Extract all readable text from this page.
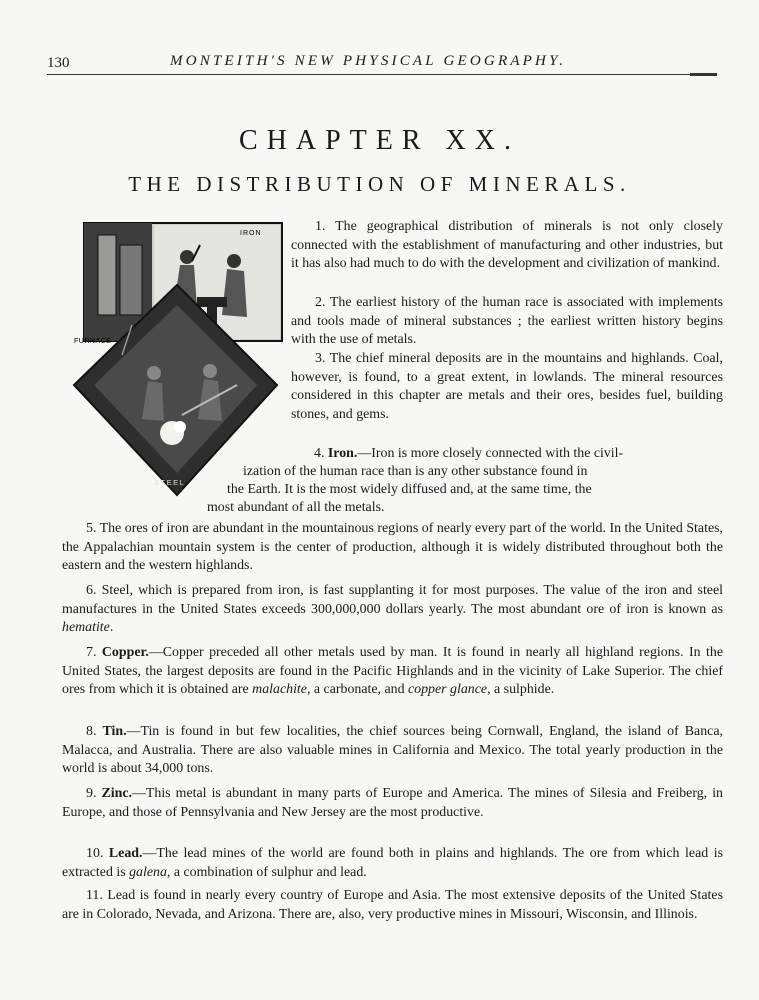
130	MONTEITH'S NEW PHYSICAL GEOGRAPHY.
CHAPTER XX.
THE DISTRIBUTION OF MINERALS.
IRON
FURNACE
STEEL

1. The geographical distribution of minerals is not only closely connected with the establishment of manufacturing and other industries, but it has also had much to do with the development and civilization of mankind.

2. The earliest history of the human race is associated with implements and tools made of mineral substances ; the earliest written history begins with the use of metals.

3. The chief mineral deposits are in the mountains and highlands. Coal, however, is found, to a great extent, in lowlands. The mineral resources considered in this chapter are metals and their ores, besides fuel, building stones, and gems.

4. Iron.—Iron is more closely connected with the civil-
ization of the human race than is any other substance found in
the Earth. It is the most widely diffused and, at the same time, the
most abundant of all the metals.

5. The ores of iron are abundant in the mountainous regions of nearly every part of the world. In the United States, the Appalachian mountain system is the center of production, although it is widely distributed throughout both the eastern and the western highlands.

6. Steel, which is prepared from iron, is fast supplanting it for most purposes. The value of the iron and steel manufactures in the United States exceeds 300,000,000 dollars yearly. The most abundant ore of iron is known as hematite.

7. Copper.—Copper preceded all other metals used by man. It is found in nearly all highland regions. In the United States, the largest deposits are found in the Pacific Highlands and in the vicinity of Lake Superior. The chief ores from which it is obtained are malachite, a carbonate, and copper glance, a sulphide.

8. Tin.—Tin is found in but few localities, the chief sources being Cornwall, England, the island of Banca, Malacca, and Australia. There are also valuable mines in California and Mexico. The total yearly production in the world is about 34,000 tons.

9. Zinc.—This metal is abundant in many parts of Europe and America. The mines of Silesia and Freiberg, in Europe, and those of Pennsylvania and New Jersey are the most productive.

10. Lead.—The lead mines of the world are found both in plains and highlands. The ore from which lead is extracted is galena, a combination of sulphur and lead.

11. Lead is found in nearly every country of Europe and Asia. The most extensive deposits of the United States are in Colorado, Nevada, and Arizona. There are, also, very productive mines in Missouri, Wisconsin, and Illinois.
